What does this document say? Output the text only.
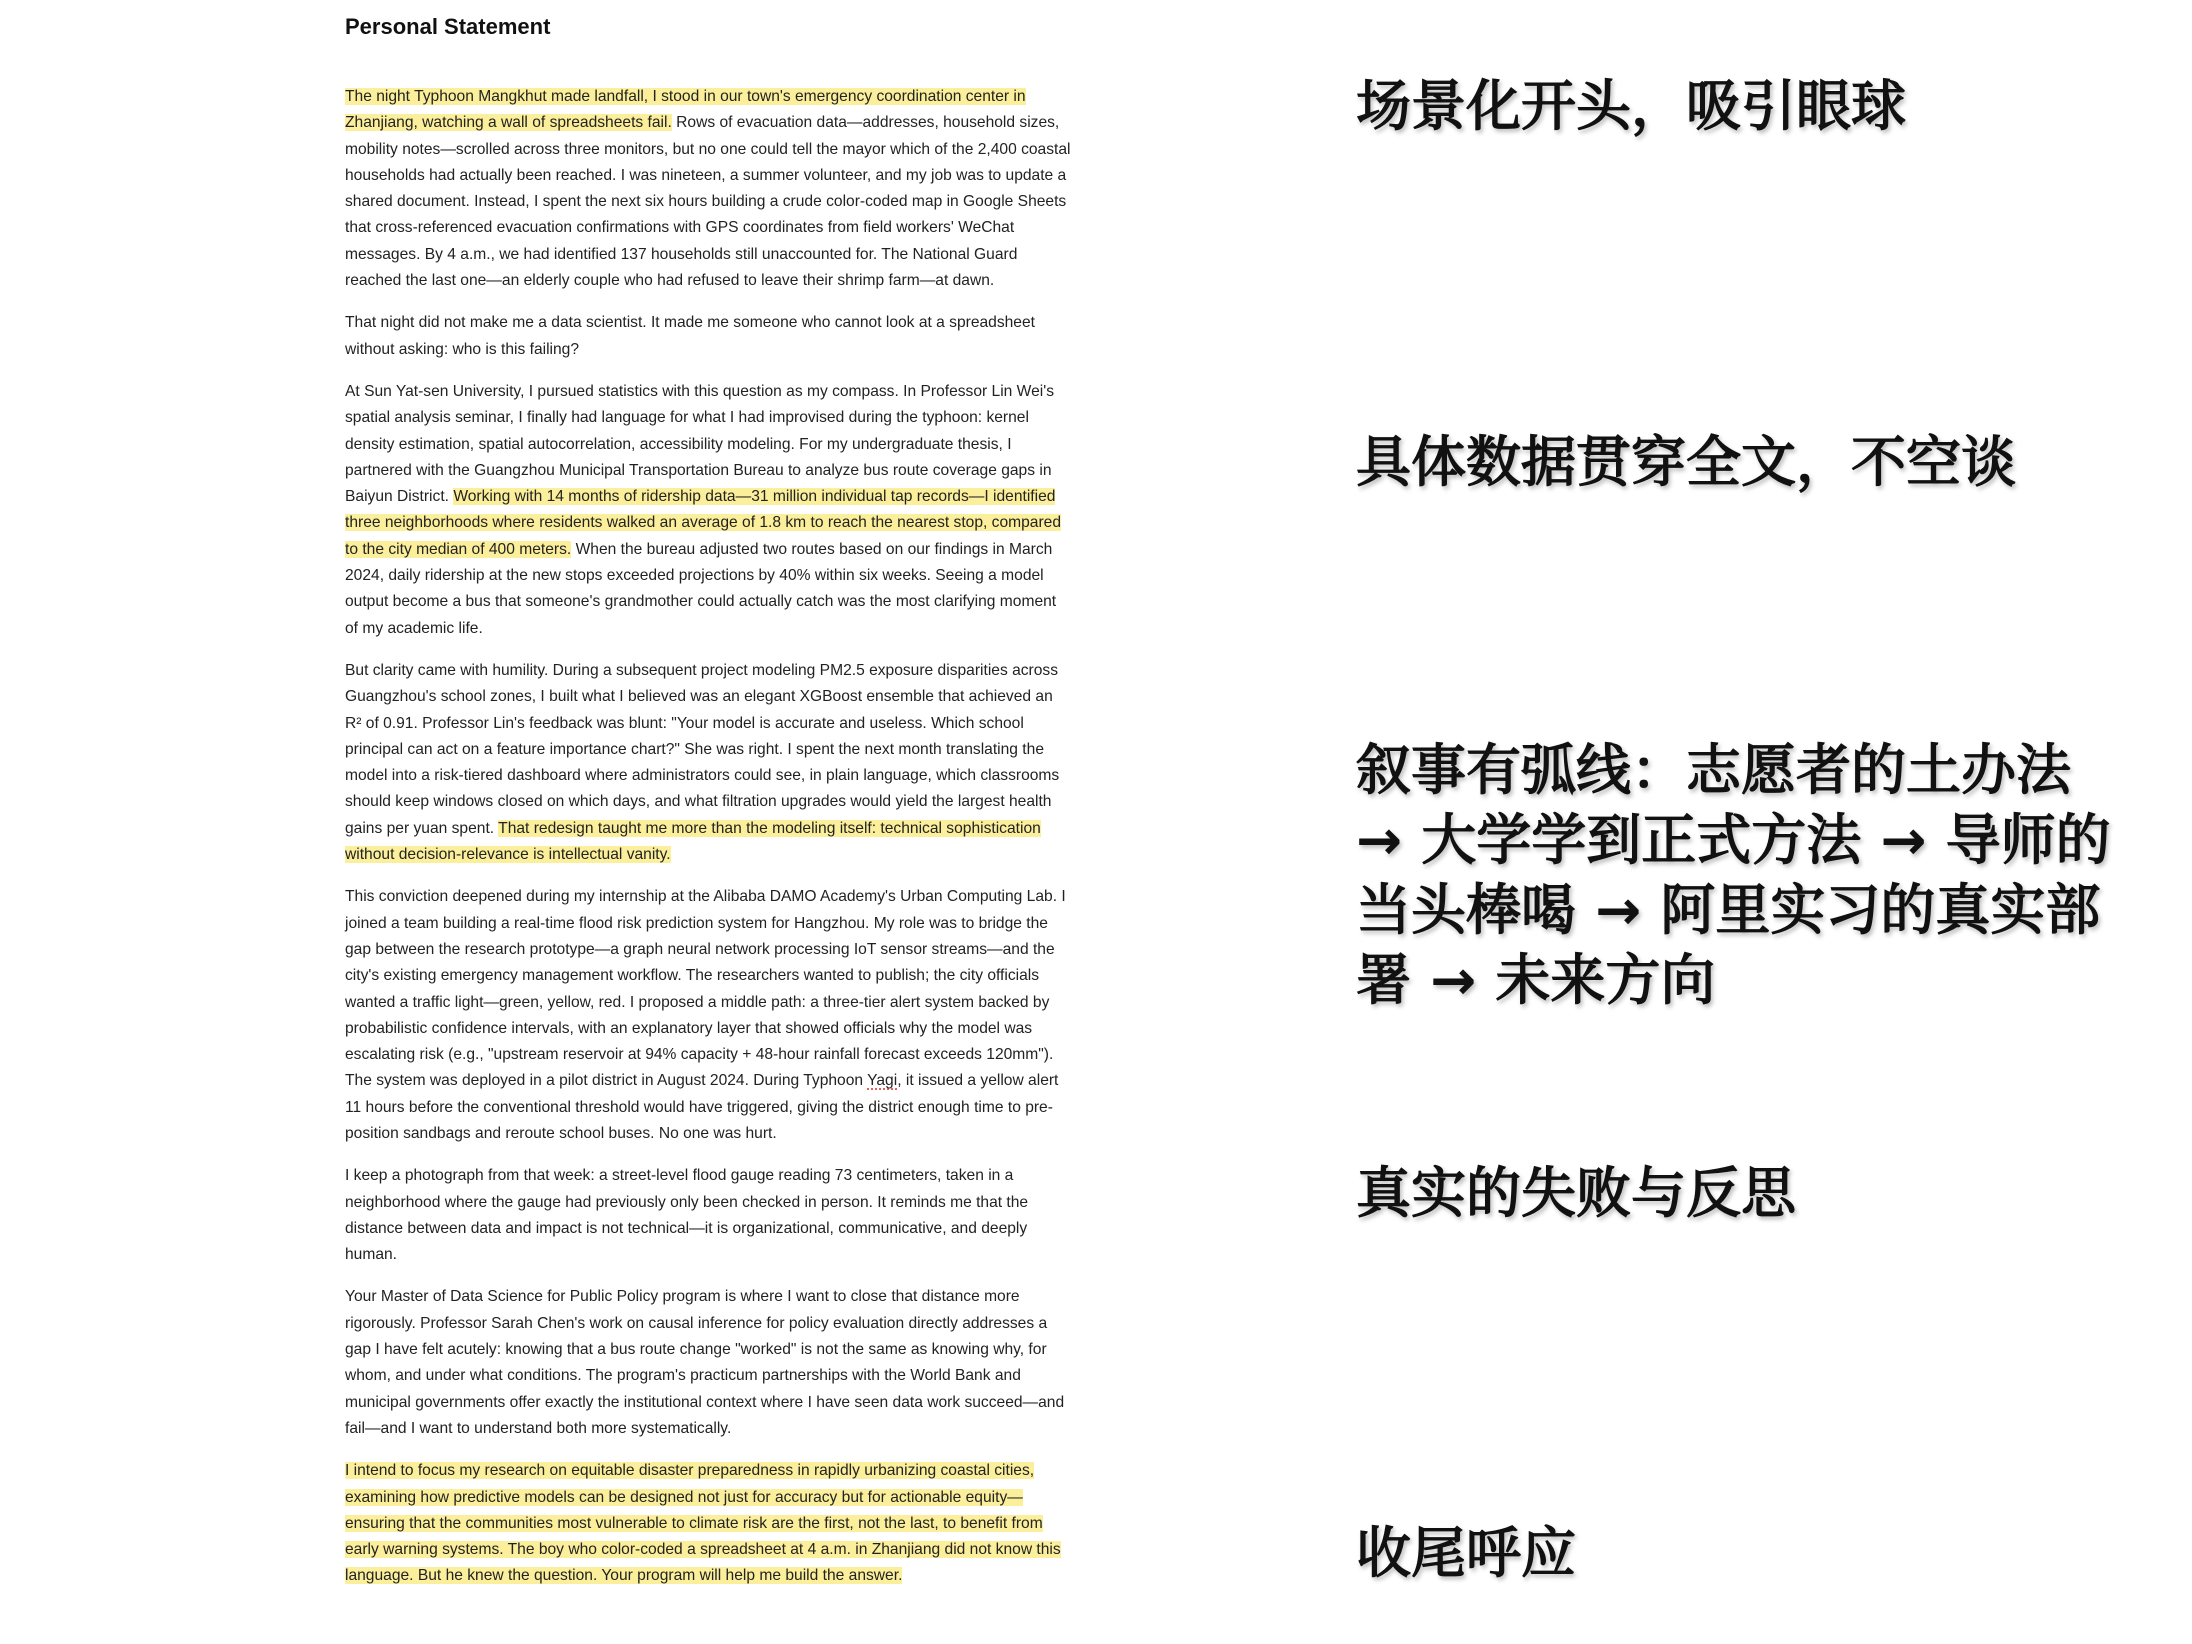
Personal Statement

The night Typhoon Mangkhut made landfall, I stood in our town's emergency coordination center in Zhanjiang, watching a wall of spreadsheets fail. Rows of evacuation data—addresses, household sizes, mobility notes—scrolled across three monitors, but no one could tell the mayor which of the 2,400 coastal households had actually been reached. I was nineteen, a summer volunteer, and my job was to update a shared document. Instead, I spent the next six hours building a crude color-coded map in Google Sheets that cross-referenced evacuation confirmations with GPS coordinates from field workers' WeChat messages. By 4 a.m., we had identified 137 households still unaccounted for. The National Guard reached the last one—an elderly couple who had refused to leave their shrimp farm—at dawn.

That night did not make me a data scientist. It made me someone who cannot look at a spreadsheet without asking: who is this failing?

At Sun Yat-sen University, I pursued statistics with this question as my compass. In Professor Lin Wei's spatial analysis seminar, I finally had language for what I had improvised during the typhoon: kernel density estimation, spatial autocorrelation, accessibility modeling. For my undergraduate thesis, I partnered with the Guangzhou Municipal Transportation Bureau to analyze bus route coverage gaps in Baiyun District. Working with 14 months of ridership data—31 million individual tap records—I identified three neighborhoods where residents walked an average of 1.8 km to reach the nearest stop, compared to the city median of 400 meters. When the bureau adjusted two routes based on our findings in March 2024, daily ridership at the new stops exceeded projections by 40% within six weeks. Seeing a model output become a bus that someone's grandmother could actually catch was the most clarifying moment of my academic life.

But clarity came with humility. During a subsequent project modeling PM2.5 exposure disparities across Guangzhou's school zones, I built what I believed was an elegant XGBoost ensemble that achieved an R² of 0.91. Professor Lin's feedback was blunt: "Your model is accurate and useless. Which school principal can act on a feature importance chart?" She was right. I spent the next month translating the model into a risk-tiered dashboard where administrators could see, in plain language, which classrooms should keep windows closed on which days, and what filtration upgrades would yield the largest health gains per yuan spent. That redesign taught me more than the modeling itself: technical sophistication without decision-relevance is intellectual vanity.

This conviction deepened during my internship at the Alibaba DAMO Academy's Urban Computing Lab. I joined a team building a real-time flood risk prediction system for Hangzhou. My role was to bridge the gap between the research prototype—a graph neural network processing IoT sensor streams—and the city's existing emergency management workflow. The researchers wanted to publish; the city officials wanted a traffic light—green, yellow, red. I proposed a middle path: a three-tier alert system backed by probabilistic confidence intervals, with an explanatory layer that showed officials why the model was escalating risk (e.g., "upstream reservoir at 94% capacity + 48-hour rainfall forecast exceeds 120mm"). The system was deployed in a pilot district in August 2024. During Typhoon Yagi, it issued a yellow alert 11 hours before the conventional threshold would have triggered, giving the district enough time to pre-position sandbags and reroute school buses. No one was hurt.

I keep a photograph from that week: a street-level flood gauge reading 73 centimeters, taken in a neighborhood where the gauge had previously only been checked in person. It reminds me that the distance between data and impact is not technical—it is organizational, communicative, and deeply human.

Your Master of Data Science for Public Policy program is where I want to close that distance more rigorously. Professor Sarah Chen's work on causal inference for policy evaluation directly addresses a gap I have felt acutely: knowing that a bus route change "worked" is not the same as knowing why, for whom, and under what conditions. The program's practicum partnerships with the World Bank and municipal governments offer exactly the institutional context where I have seen data work succeed—and fail—and I want to understand both more systematically.

I intend to focus my research on equitable disaster preparedness in rapidly urbanizing coastal cities, examining how predictive models can be designed not just for accuracy but for actionable equity—ensuring that the communities most vulnerable to climate risk are the first, not the last, to benefit from early warning systems. The boy who color-coded a spreadsheet at 4 a.m. in Zhanjiang did not know this language. But he knew the question. Your program will help me build the answer.

场景化开头，吸引眼球
具体数据贯穿全文，不空谈
叙事有弧线：志愿者的土办法
→ 大学学到正式方法 → 导师的
当头棒喝 → 阿里实习的真实部
署 → 未来方向
真实的失败与反思
收尾呼应
